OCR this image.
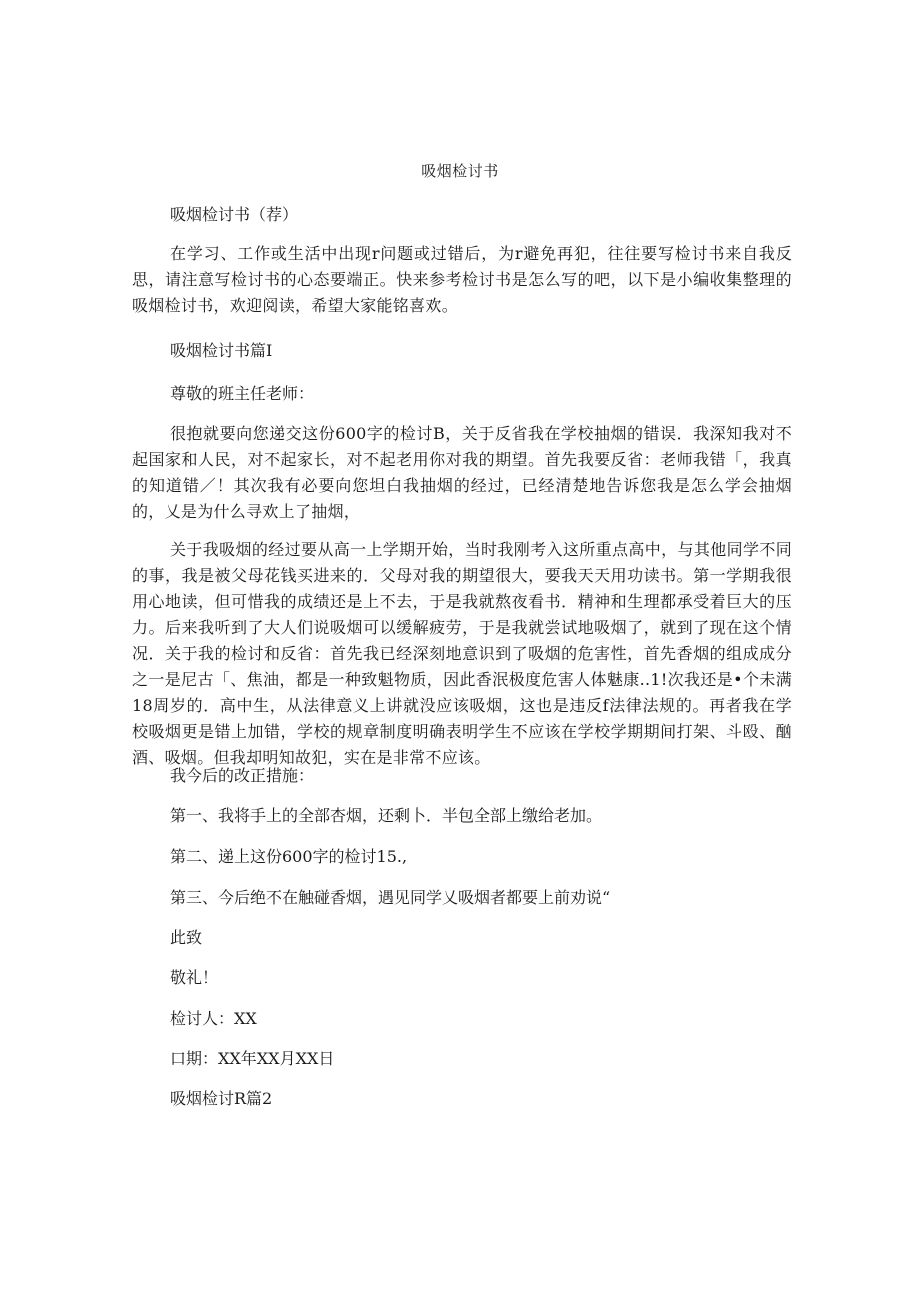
吸烟检讨书
吸烟检讨书（荐）
在学习、工作或生活中出现r问题或过错后，为r避免再犯，往往要写检讨书来自我反思，请注意写检讨书的心态要端正。快来参考检讨书是怎么写的吧，以下是小编收集整理的吸烟检讨书，欢迎阅读，希望大家能铭喜欢。
吸烟检讨书篇I
尊敬的班主任老师：
很抱就要向您递交这份600字的检讨B，关于反省我在学校抽烟的错误．我深知我对不起国家和人民，对不起家长，对不起老用你对我的期望。首先我要反省：老师我错「，我真的知道错／！其次我有必要向您坦白我抽烟的经过，已经清楚地告诉您我是怎么学会抽烟的，乂是为什么寻欢上了抽烟，
关于我吸烟的经过要从高一上学期开始，当时我刚考入这所重点高中，与其他同学不同的事，我是被父母花钱买进来的．父母对我的期望很大，要我天天用功读书。第一学期我很用心地读，但可惜我的成绩还是上不去，于是我就熬夜看书．精神和生理都承受着巨大的压力。后来我听到了大人们说吸烟可以缓解疲劳，于是我就尝试地吸烟了，就到了现在这个情况．关于我的检讨和反省：首先我已经深刻地意识到了吸烟的危害性，首先香烟的组成成分之一是尼古「、焦油，都是一种致魁物质，因此香泯极度危害人体魅康..1!次我还是•个未满18周岁的．高中生，从法律意义上讲就没应该吸烟，这也是违反f法律法规的。再者我在学校吸烟更是错上加错，学校的规章制度明确表明学生不应该在学校学期期间打架、斗殴、酗酒、吸烟。但我却明知故犯，实在是非常不应该。
我今后的改正措施：
第一、我将手上的全部杏烟，还剩卜．半包全部上缴给老加。
第二、递上这份600字的检讨15.,
第三、今后绝不在触碰香烟，遇见同学乂吸烟者都要上前劝说“
此致
敬礼！
检讨人：XX
口期：XX年XX月XX日
吸烟检讨R篇2
